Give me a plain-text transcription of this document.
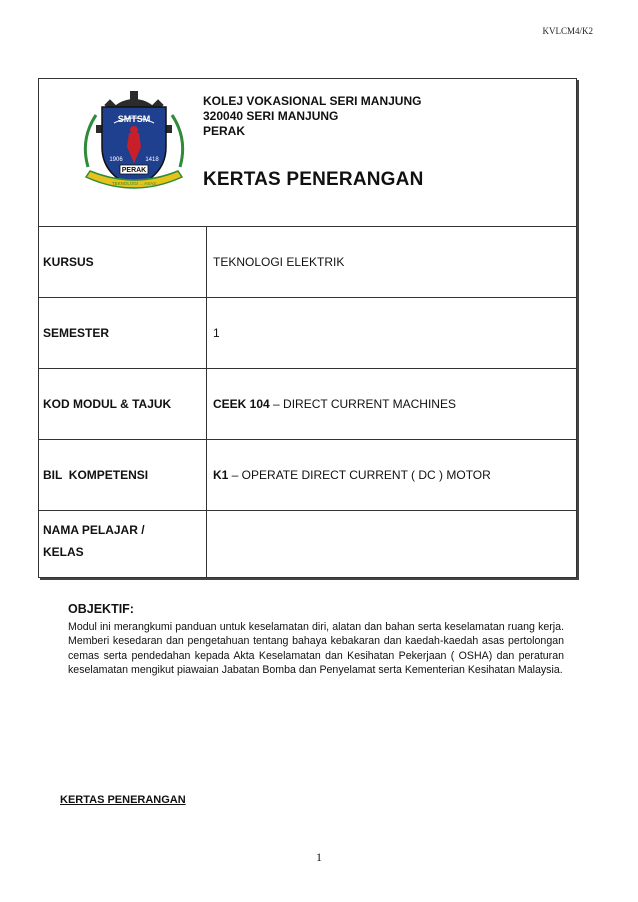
KVLCM4/K2
SMTSM
1906	1418
PERAK
TEKNOLOGI ... ASAS
KOLEJ VOKASIONAL SERI MANJUNG
320040 SERI MANJUNG
PERAK
KERTAS PENERANGAN
KURSUS	TEKNOLOGI ELEKTRIK
SEMESTER	1
KOD MODUL & TAJUK	CEEK 104 – DIRECT CURRENT MACHINES
BIL  KOMPETENSI	K1 – OPERATE DIRECT CURRENT ( DC ) MOTOR
NAMA PELAJAR /
KELAS
OBJEKTIF:
Modul ini merangkumi panduan untuk keselamatan diri, alatan dan bahan serta keselamatan ruang kerja. Memberi kesedaran dan pengetahuan tentang bahaya kebakaran dan kaedah-kaedah asas pertolongan cemas serta pendedahan kepada Akta Keselamatan dan Kesihatan Pekerjaan ( OSHA) dan peraturan keselamatan mengikut piawaian Jabatan Bomba dan Penyelamat serta Kementerian Kesihatan Malaysia.
KERTAS PENERANGAN
1
